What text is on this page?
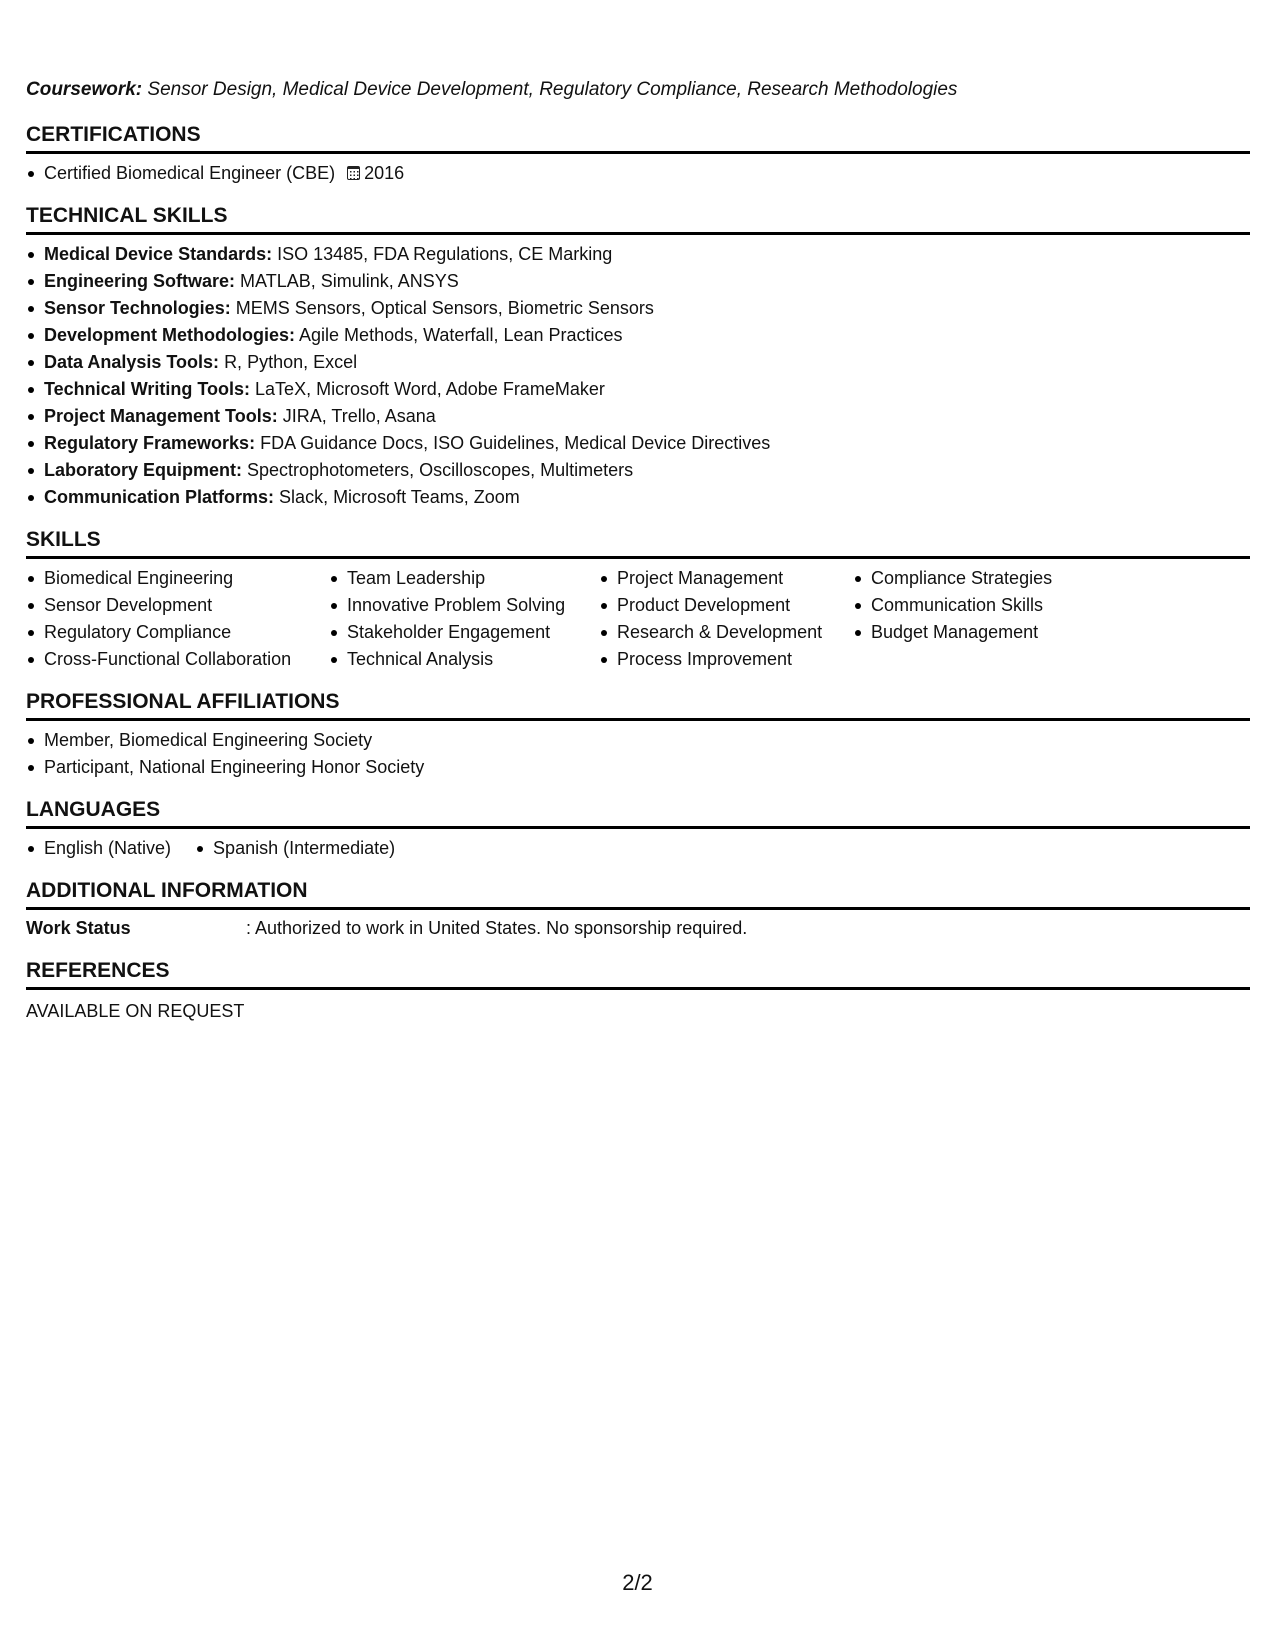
Coursework: Sensor Design, Medical Device Development, Regulatory Compliance, Research Methodologies

CERTIFICATIONS
Certified Biomedical Engineer (CBE) 2016
TECHNICAL SKILLS
Medical Device Standards: ISO 13485, FDA Regulations, CE Marking
Engineering Software: MATLAB, Simulink, ANSYS
Sensor Technologies: MEMS Sensors, Optical Sensors, Biometric Sensors
Development Methodologies: Agile Methods, Waterfall, Lean Practices
Data Analysis Tools: R, Python, Excel
Technical Writing Tools: LaTeX, Microsoft Word, Adobe FrameMaker
Project Management Tools: JIRA, Trello, Asana
Regulatory Frameworks: FDA Guidance Docs, ISO Guidelines, Medical Device Directives
Laboratory Equipment: Spectrophotometers, Oscilloscopes, Multimeters
Communication Platforms: Slack, Microsoft Teams, Zoom
SKILLS
Biomedical Engineering
Sensor Development
Regulatory Compliance
Cross-Functional Collaboration
Team Leadership
Innovative Problem Solving
Stakeholder Engagement
Technical Analysis
Project Management
Product Development
Research & Development
Process Improvement
Compliance Strategies
Communication Skills
Budget Management
PROFESSIONAL AFFILIATIONS
Member, Biomedical Engineering Society
Participant, National Engineering Honor Society
LANGUAGES
English (Native)	Spanish (Intermediate)
ADDITIONAL INFORMATION
Work Status	: Authorized to work in United States. No sponsorship required.
REFERENCES
AVAILABLE ON REQUEST
2/2
